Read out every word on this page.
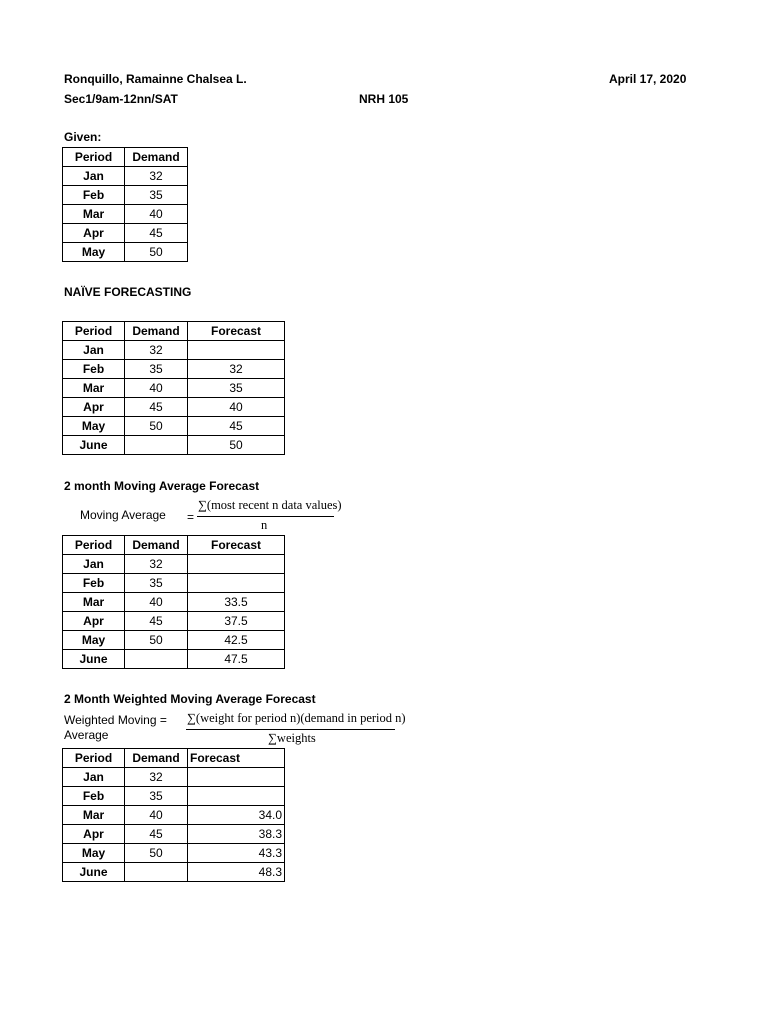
Ronquillo, Ramainne Chalsea L.	April 17, 2020
Sec1/9am-12nn/SAT	NRH 105
Given:
Period	Demand
Jan	32
Feb	35
Mar	40
Apr	45
May	50
NAÏVE FORECASTING
Period	Demand	Forecast
Jan	32	
Feb	35	32
Mar	40	35
Apr	45	40
May	50	45
June		50
2 month Moving Average Forecast
Moving Average =
∑(most recent n data values)
n
Period	Demand	Forecast
Jan	32	
Feb	35	
Mar	40	33.5
Apr	45	37.5
May	50	42.5
June		47.5
2 Month Weighted Moving Average Forecast
Weighted Moving =
Average
∑(weight for period n)(demand in period n)
∑weights
Period	Demand	Forecast
Jan	32	
Feb	35	
Mar	40	34.0
Apr	45	38.3
May	50	43.3
June		48.3
